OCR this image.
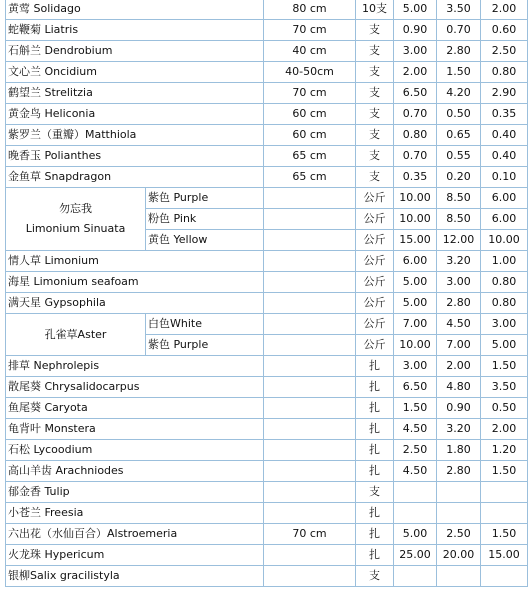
黄莺 Solidago		80 cm	10支	5.00	3.50	2.00
蛇鞭菊 Liatris		70 cm	支	0.90	0.70	0.60
石斛兰 Dendrobium		40 cm	支	3.00	2.80	2.50
文心兰 Oncidium		40-50cm	支	2.00	1.50	0.80
鹤望兰 Strelitzia		70 cm	支	6.50	4.20	2.90
黄金鸟 Heliconia		60 cm	支	0.70	0.50	0.35
紫罗兰（重瓣）Matthiola		60 cm	支	0.80	0.65	0.40
晚香玉 Polianthes		65 cm	支	0.70	0.55	0.40
金鱼草 Snapdragon		65 cm	支	0.35	0.20	0.10

勿忘我
Limonium Sinuata	紫色 Purple		公斤	10.00	8.50	6.00
	粉色 Pink		公斤	10.00	8.50	6.00
	黄色 Yellow		公斤	15.00	12.00	10.00
情人草 Limonium			公斤	6.00	3.20	1.00
海星 Limonium seafoam			公斤	5.00	3.00	0.80
满天星 Gypsophila			公斤	5.00	2.80	0.80
孔雀草Aster	白色White		公斤	7.00	4.50	3.00
	紫色 Purple		公斤	10.00	7.00	5.00
排草 Nephrolepis			扎	3.00	2.00	1.50
散尾葵 Chrysalidocarpus			扎	6.50	4.80	3.50
鱼尾葵 Caryota			扎	1.50	0.90	0.50
龟背叶 Monstera			扎	4.50	3.20	2.00
石松 Lycoodium			扎	2.50	1.80	1.20
高山羊齿 Arachniodes			扎	4.50	2.80	1.50
郁金香 Tulip			支			
小苍兰 Freesia			扎			
六出花（水仙百合）Alstroemeria		70 cm	扎	5.00	2.50	1.50
火龙珠 Hypericum			扎	25.00	20.00	15.00
银柳Salix gracilistyla			支			
